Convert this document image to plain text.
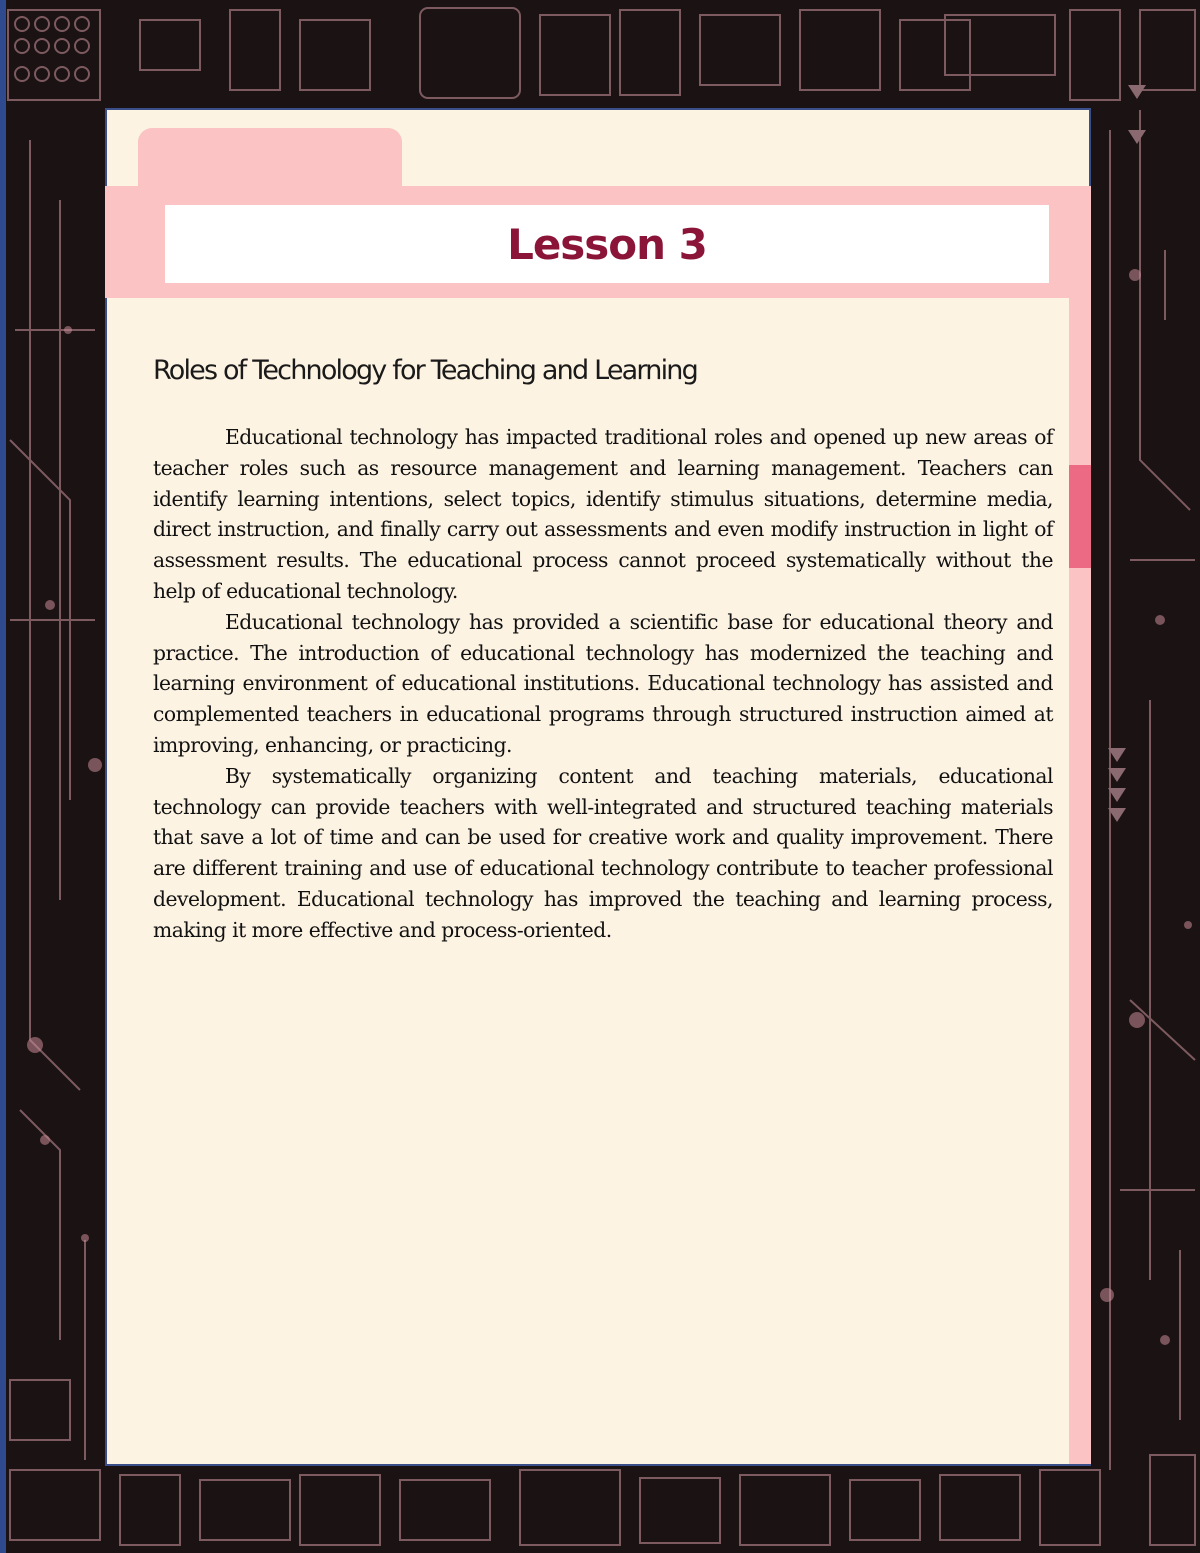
Lesson 3
Roles of Technology for Teaching and Learning

Educational technology has impacted traditional roles and opened up new areas of teacher roles such as resource management and learning management. Teachers can identify learning intentions, select topics, identify stimulus situations, determine media, direct instruction, and finally carry out assessments and even modify instruction in light of assessment results. The educational process cannot proceed systematically without the help of educational technology.

Educational technology has provided a scientific base for educational theory and practice. The introduction of educational technology has modernized the teaching and learning environment of educational institutions. Educational technology has assisted and complemented teachers in educational programs through structured instruction aimed at improving, enhancing, or practicing.

By systematically organizing content and teaching materials, educational technology can provide teachers with well-integrated and structured teaching materials that save a lot of time and can be used for creative work and quality improvement. There are different training and use of educational technology contribute to teacher professional development. Educational technology has improved the teaching and learning process, making it more effective and process-oriented.
